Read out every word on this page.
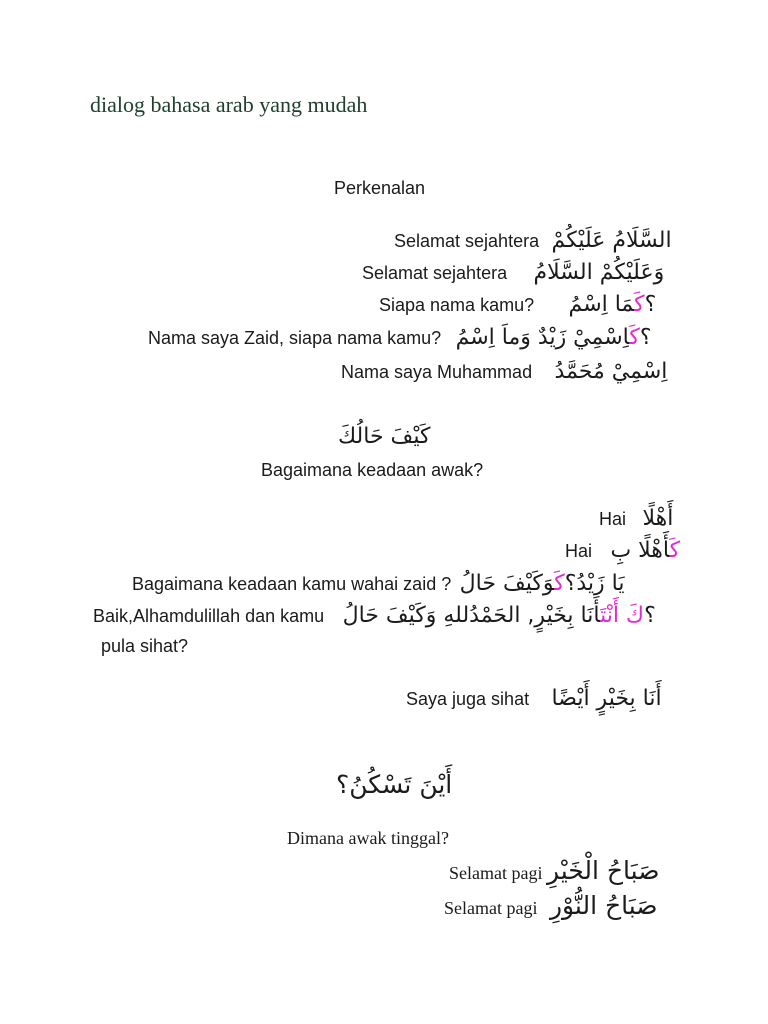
dialog bahasa arab yang mudah
Perkenalan
Selamat sejahtera السَّلَامُ عَلَيْكُمْ
Selamat sejahtera وَعَلَيْكُمْ السَّلَامُ
Siapa nama kamu?	؟كَمَا اِسْمُ
Nama saya Zaid, siapa nama kamu?	؟كَاِسْمِيْ زَيْدٌ وَماَ اِسْمُ
Nama saya Muhammad اِسْمِيْ مُحَمَّدُ
كَيْفَ حَالُكَ
Bagaimana keadaan awak?
Hai أَهْلًا
Hai	كَأَهْلًا بِ
Bagaimana keadaan kamu wahai zaid ?	يَا زَيْدُ؟كَوَكَيْفَ حَالُ
Baik,Alhamdulillah dan kamu	؟كَ أَنْتَأَنَا بِخَيْرٍ, الحَمْدُللهِ وَكَيْفَ حَالُ
pula sihat?
Saya juga sihat أَنَا بِخَيْرٍ أَيْضًا
أَيْنَ تَسْكُنُ؟
Dimana awak tinggal?
Selamat pagi صَبَاحُ الْخَيْرِ
Selamat pagi صَبَاحُ النُّوْرِ
